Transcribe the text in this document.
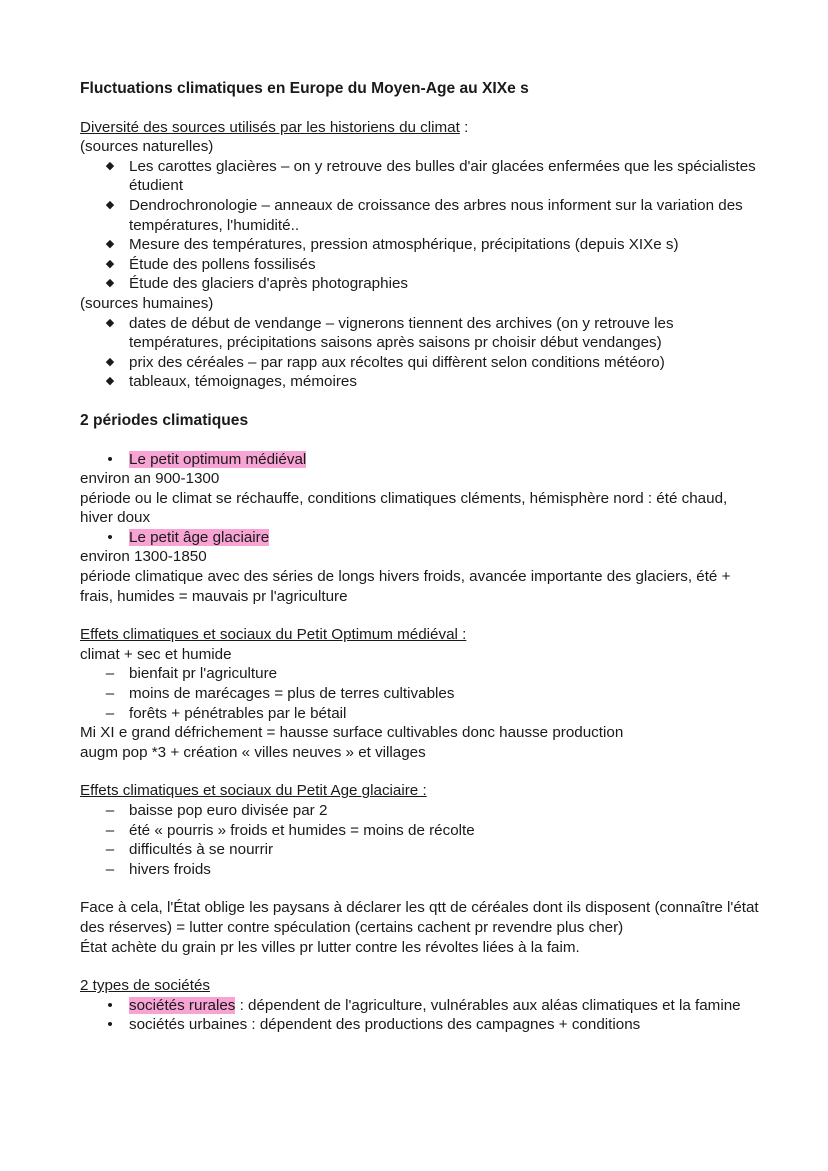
Fluctuations climatiques en Europe du Moyen-Age au XIXe s

Diversité des sources utilisés par les historiens du climat :

(sources naturelles)

◆ Les carottes glacières – on y retrouve des bulles d'air glacées enfermées que les spécialistes étudient
◆ Dendrochronologie – anneaux de croissance des arbres nous informent sur la variation des températures, l'humidité..
◆ Mesure des températures, pression atmosphérique, précipitations (depuis XIXe s)
◆ Étude des pollens fossilisés
◆ Étude des glaciers d'après photographies

(sources humaines)

◆ dates de début de vendange – vignerons tiennent des archives (on y retrouve les températures, précipitations saisons après saisons pr choisir début vendanges)
◆ prix des céréales – par rapp aux récoltes qui diffèrent selon conditions météoro)
◆ tableaux, témoignages, mémoires

2 périodes climatiques

•	Le petit optimum médiéval

environ an 900-1300

période ou le climat se réchauffe, conditions climatiques cléments, hémisphère nord : été chaud, hiver doux

•	Le petit âge glaciaire

environ 1300-1850

période climatique avec des séries de longs hivers froids, avancée importante des glaciers, été + frais, humides = mauvais pr l'agriculture

Effets climatiques et sociaux du Petit Optimum médiéval :

climat + sec et humide

– bienfait pr l'agriculture
– moins de marécages = plus de terres cultivables
– forêts + pénétrables par le bétail

Mi XI e grand défrichement = hausse surface cultivables donc hausse production

augm pop *3 + création « villes neuves » et villages

Effets climatiques et sociaux du Petit Age glaciaire :

– baisse pop euro divisée par 2
– été « pourris » froids et humides = moins de récolte
– difficultés à se nourrir
– hivers froids

Face à cela, l'État oblige les paysans à déclarer les qtt de céréales dont ils disposent (connaître l'état des réserves) = lutter contre spéculation (certains cachent pr revendre plus cher)

État achète du grain pr les villes pr lutter contre les révoltes liées à la faim.

2 types de sociétés

•	sociétés rurales : dépendent de l'agriculture, vulnérables aux aléas climatiques et la famine
•	sociétés urbaines : dépendent des productions des campagnes + conditions
